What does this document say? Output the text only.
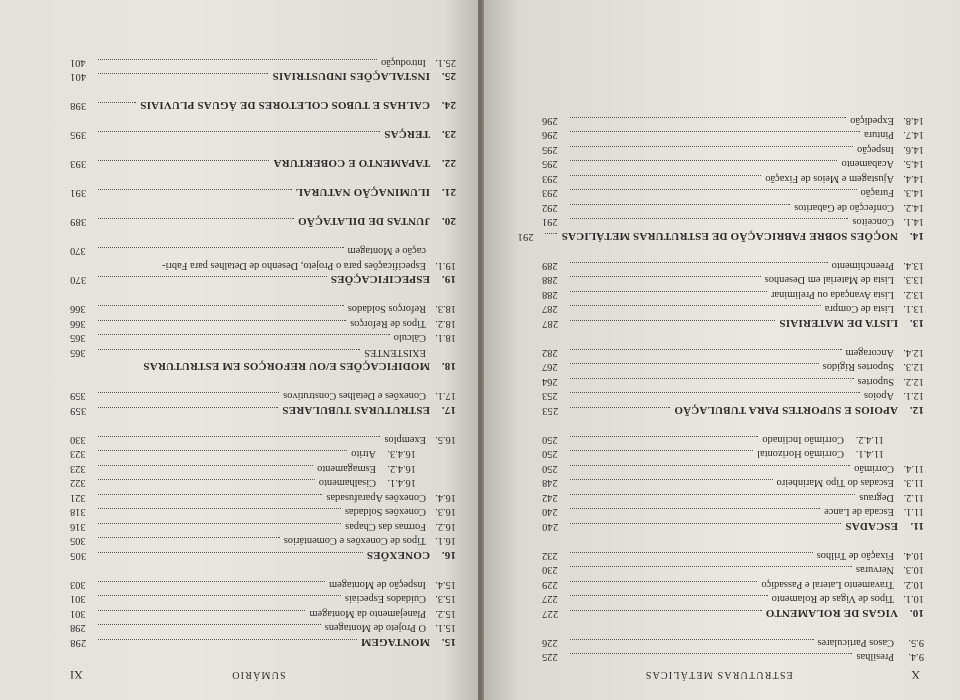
X
ESTRUTURAS METÁLICAS
9.4.
Presilhas
225
9.5.
Casos Particulares
226
10.
VIGAS DE ROLAMENTO
227
10.1.
Tipos de Vigas de Rolamento
227
10.2.
Travamento Lateral e Passadiço
229
10.3.
Nervuras
230
10.4.
Fixação de Trilhos
232
11.
ESCADAS
240
11.1.
Escada de Lance
240
11.2.
Degraus
242
11.3.
Escadas do Tipo Marinheiro
248
11.4.
Corrimão
250
11.4.1.
Corrimão Horizontal
250
11.4.2.
Corrimão Inclinado
250
12.
APOIOS E SUPORTES PARA TUBULAÇÃO
253
12.1.
Apoios
253
12.2.
Suportes
264
12.3.
Suportes Rígidos
267
12.4.
Ancoragem
282
13.
LISTA DE MATERIAIS
287
13.1.
Lista de Compra
287
13.2.
Lista Avançada ou Preliminar
288
13.3.
Lista de Material em Desenhos
288
13.4.
Preenchimento
289
14.
NOÇÕES SOBRE FABRICAÇÃO DE ESTRUTURAS METÁLICAS
291
14.1.
Conceitos
291
14.2.
Confecção de Gabaritos
292
14.3.
Furação
293
14.4.
Ajustagem e Meios de Fixação
293
14.5.
Acabamento
295
14.6.
Inspeção
295
14.7.
Pintura
296
14.8.
Expedição
296
SUMÁRIO
XI
15.
MONTAGEM
298
15.1.
O Projeto de Montagens
298
15.2.
Planejamento da Montagem
301
15.3.
Cuidados Especiais
301
15.4.
Inspeção de Montagem
303
16.
CONEXÕES
305
16.1.
Tipos de Conexões e Comentários
305
16.2.
Formas das Chapas
316
16.3.
Conexões Soldadas
318
16.4.
Conexões Aparafusadas
321
16.4.1.
Cisalhamento
322
16.4.2.
Esmagamento
323
16.4.3.
Atrito
323
16.5.
Exemplos
330
17.
ESTRUTURAS TUBULARES
359
17.1.
Conexões e Detalhes Construtivos
359
18.
MODIFICAÇÕES E/OU REFORÇOS EM ESTRUTURAS
EXISTENTES
365
18.1.
Cálculo
365
18.2.
Tipos de Reforços
366
18.3.
Reforços Soldados
366
19.
ESPECIFICAÇÕES
370
19.1.
Especificações para o Projeto, Desenho de Detalhes para Fabri-
cação e Montagem
370
20.
JUNTAS DE DILATAÇÃO
389
21.
ILUMINAÇÃO NATURAL
391
22.
TAPAMENTO E COBERTURA
393
23.
TERÇAS
395
24.
CALHAS E TUBOS COLETORES DE ÁGUAS PLUVIAIS
398
25.
INSTALAÇÕES INDUSTRIAIS
401
25.1.
Introdução
401
